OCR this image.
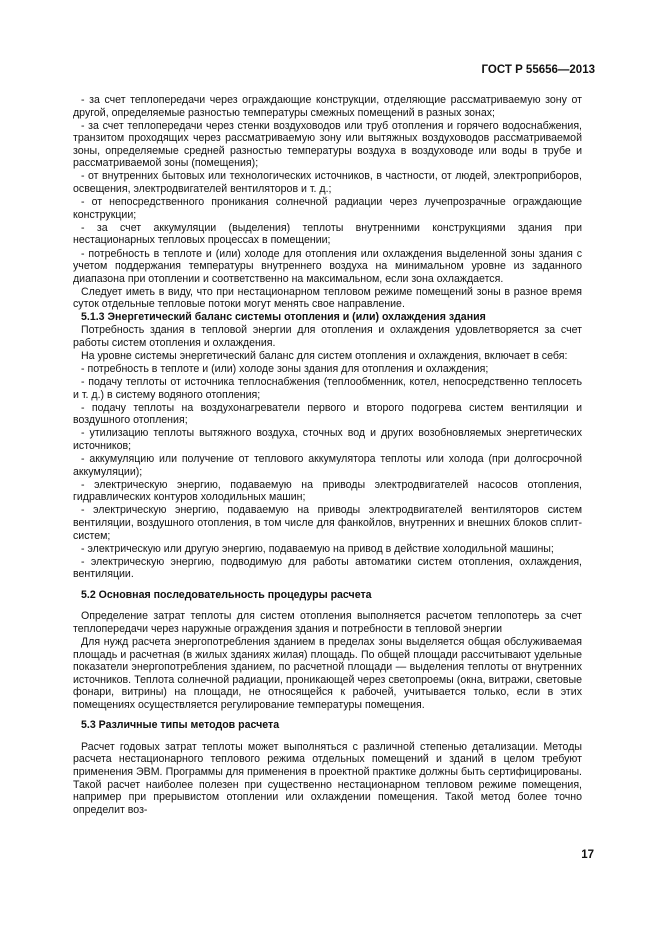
ГОСТ Р 55656—2013
- за счет теплопередачи через ограждающие конструкции, отделяющие рассматриваемую зону от другой, определяемые разностью температуры смежных помещений в разных зонах;
- за счет теплопередачи через стенки воздуховодов или труб отопления и горячего водоснабжения, транзитом проходящих через рассматриваемую зону или вытяжных воздуховодов рассматриваемой зоны, определяемые средней разностью температуры воздуха в воздуховоде или воды в трубе и рассматриваемой зоны (помещения);
- от внутренних бытовых или технологических источников, в частности, от людей, электроприборов, освещения, электродвигателей вентиляторов и т. д.;
- от непосредственного проникания солнечной радиации через лучепрозрачные ограждающие конструкции;
- за счет аккумуляции (выделения) теплоты внутренними конструкциями здания при нестационарных тепловых процессах в помещении;
- потребность в теплоте и (или) холоде для отопления или охлаждения выделенной зоны здания с учетом поддержания температуры внутреннего воздуха на минимальном уровне из заданного диапазона при отоплении и соответственно на максимальном, если зона охлаждается.
Следует иметь в виду, что при нестационарном тепловом режиме помещений зоны в разное время суток отдельные тепловые потоки могут менять свое направление.
5.1.3 Энергетический баланс системы отопления и (или) охлаждения здания
Потребность здания в тепловой энергии для отопления и охлаждения удовлетворяется за счет работы систем отопления и охлаждения.
На уровне системы энергетический баланс для систем отопления и охлаждения, включает в себя:
- потребность в теплоте и (или) холоде зоны здания для отопления и охлаждения;
- подачу теплоты от источника теплоснабжения (теплообменник, котел, непосредственно теплосеть и т. д.) в систему водяного отопления;
- подачу теплоты на воздухонагреватели первого и второго подогрева систем вентиляции и воздушного отопления;
- утилизацию теплоты вытяжного воздуха, сточных вод и других возобновляемых энергетических источников;
- аккумуляцию или получение от теплового аккумулятора теплоты или холода (при долгосрочной аккумуляции);
- электрическую энергию, подаваемую на приводы электродвигателей насосов отопления, гидравлических контуров холодильных машин;
- электрическую энергию, подаваемую на приводы электродвигателей вентиляторов систем вентиляции, воздушного отопления, в том числе для фанкойлов, внутренних и внешних блоков сплит-систем;
- электрическую или другую энергию, подаваемую на привод в действие холодильной машины;
- электрическую энергию, подводимую для работы автоматики систем отопления, охлаждения, вентиляции.
5.2 Основная последовательность процедуры расчета
Определение затрат теплоты для систем отопления выполняется расчетом теплопотерь за счет теплопередачи через наружные ограждения здания и потребности в тепловой энергии
Для нужд расчета энергопотребления зданием в пределах зоны выделяется общая обслуживаемая площадь и расчетная (в жилых зданиях жилая) площадь. По общей площади рассчитывают удельные показатели энергопотребления зданием, по расчетной площади — выделения теплоты от внутренних источников. Теплота солнечной радиации, проникающей через светопроемы (окна, витражи, световые фонари, витрины) на площади, не относящейся к рабочей, учитывается только, если в этих помещениях осуществляется регулирование температуры помещения.
5.3 Различные типы методов расчета
Расчет годовых затрат теплоты может выполняться с различной степенью детализации. Методы расчета нестационарного теплового режима отдельных помещений и зданий в целом требуют применения ЭВМ. Программы для применения в проектной практике должны быть сертифицированы. Такой расчет наиболее полезен при существенно нестационарном тепловом режиме помещения, например при прерывистом отоплении или охлаждении помещения. Такой метод более точно определит воз-
17
